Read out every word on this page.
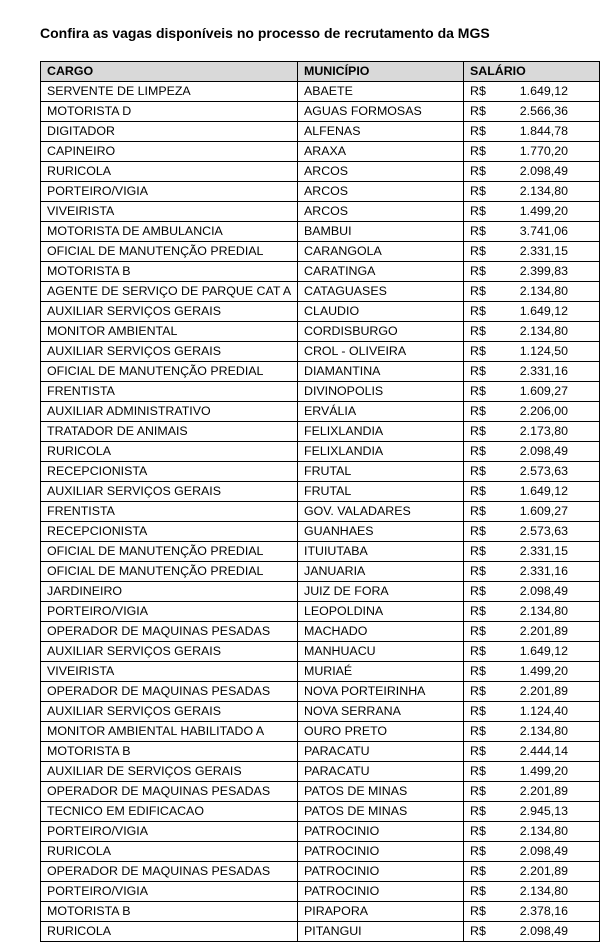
Confira as vagas disponíveis no processo de recrutamento da MGS
CARGO	MUNICÍPIO	SALÁRIO
SERVENTE DE LIMPEZA	ABAETE	R$ 1.649,12
MOTORISTA D	AGUAS FORMOSAS	R$ 2.566,36
DIGITADOR	ALFENAS	R$ 1.844,78
CAPINEIRO	ARAXA	R$ 1.770,20
RURICOLA	ARCOS	R$ 2.098,49
PORTEIRO/VIGIA	ARCOS	R$ 2.134,80
VIVEIRISTA	ARCOS	R$ 1.499,20
MOTORISTA DE AMBULANCIA	BAMBUI	R$ 3.741,06
OFICIAL DE MANUTENÇÃO PREDIAL	CARANGOLA	R$ 2.331,15
MOTORISTA B	CARATINGA	R$ 2.399,83
AGENTE DE SERVIÇO DE PARQUE CAT A	CATAGUASES	R$ 2.134,80
AUXILIAR SERVIÇOS GERAIS	CLAUDIO	R$ 1.649,12
MONITOR AMBIENTAL	CORDISBURGO	R$ 2.134,80
AUXILIAR SERVIÇOS GERAIS	CROL - OLIVEIRA	R$ 1.124,50
OFICIAL DE MANUTENÇÃO PREDIAL	DIAMANTINA	R$ 2.331,16
FRENTISTA	DIVINOPOLIS	R$ 1.609,27
AUXILIAR ADMINISTRATIVO	ERVÁLIA	R$ 2.206,00
TRATADOR DE ANIMAIS	FELIXLANDIA	R$ 2.173,80
RURICOLA	FELIXLANDIA	R$ 2.098,49
RECEPCIONISTA	FRUTAL	R$ 2.573,63
AUXILIAR SERVIÇOS GERAIS	FRUTAL	R$ 1.649,12
FRENTISTA	GOV. VALADARES	R$ 1.609,27
RECEPCIONISTA	GUANHAES	R$ 2.573,63
OFICIAL DE MANUTENÇÃO PREDIAL	ITUIUTABA	R$ 2.331,15
OFICIAL DE MANUTENÇÃO PREDIAL	JANUARIA	R$ 2.331,16
JARDINEIRO	JUIZ DE FORA	R$ 2.098,49
PORTEIRO/VIGIA	LEOPOLDINA	R$ 2.134,80
OPERADOR DE MAQUINAS PESADAS	MACHADO	R$ 2.201,89
AUXILIAR SERVIÇOS GERAIS	MANHUACU	R$ 1.649,12
VIVEIRISTA	MURIAÉ	R$ 1.499,20
OPERADOR DE MAQUINAS PESADAS	NOVA PORTEIRINHA	R$ 2.201,89
AUXILIAR SERVIÇOS GERAIS	NOVA SERRANA	R$ 1.124,40
MONITOR AMBIENTAL HABILITADO A	OURO PRETO	R$ 2.134,80
MOTORISTA B	PARACATU	R$ 2.444,14
AUXILIAR DE SERVIÇOS GERAIS	PARACATU	R$ 1.499,20
OPERADOR DE MAQUINAS PESADAS	PATOS DE MINAS	R$ 2.201,89
TECNICO EM EDIFICACAO	PATOS DE MINAS	R$ 2.945,13
PORTEIRO/VIGIA	PATROCINIO	R$ 2.134,80
RURICOLA	PATROCINIO	R$ 2.098,49
OPERADOR DE MAQUINAS PESADAS	PATROCINIO	R$ 2.201,89
PORTEIRO/VIGIA	PATROCINIO	R$ 2.134,80
MOTORISTA B	PIRAPORA	R$ 2.378,16
RURICOLA	PITANGUI	R$ 2.098,49
